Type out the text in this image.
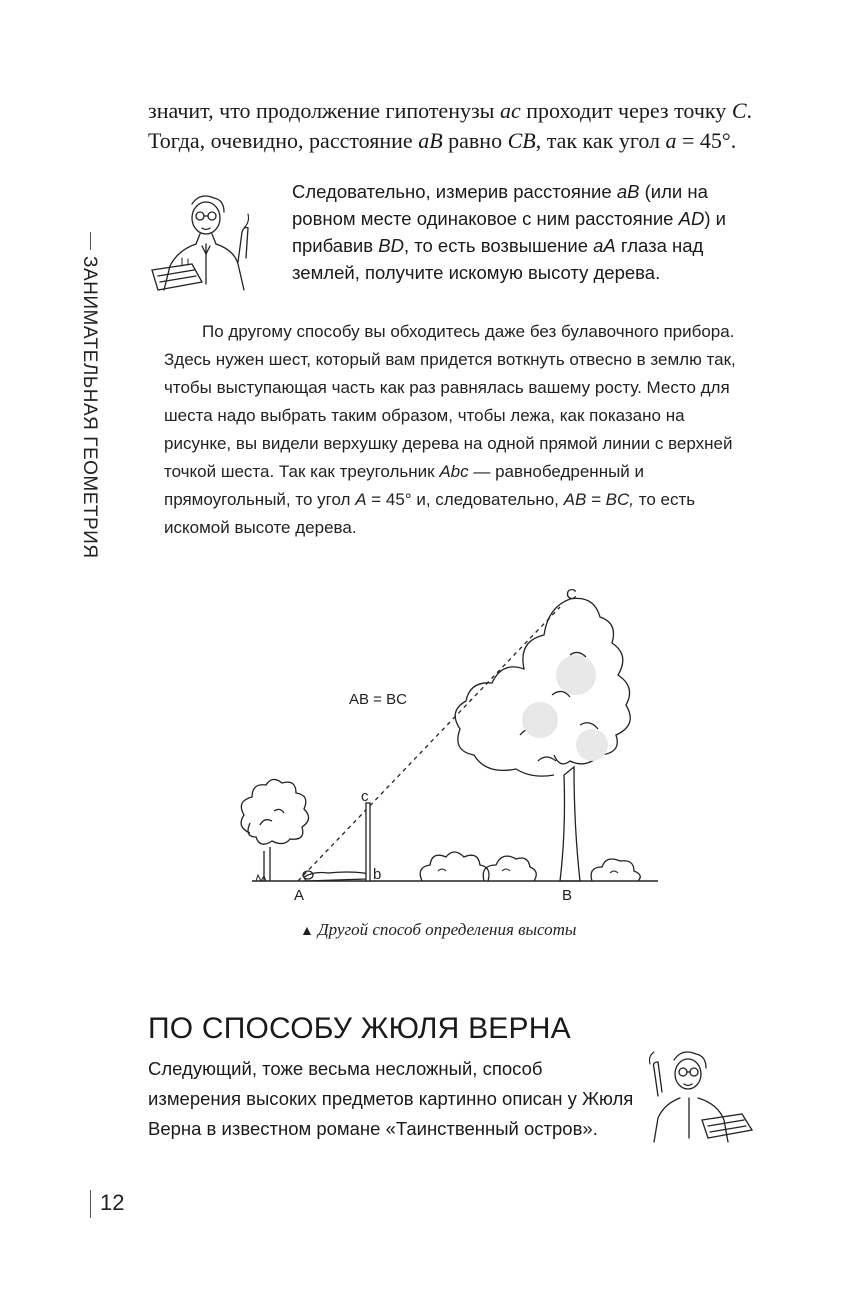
ЗАНИМАТЕЛЬНАЯ ГЕОМЕТРИЯ

значит, что продолжение гипотенузы ac проходит через точку C.

Тогда, очевидно, расстояние aB равно CB, так как угол a = 45°.

Следовательно, измерив расстояние aB (или на ровном месте одинаковое с ним расстояние AD) и прибавив BD, то есть возвышение aA глаза над землей, получите искомую высоту дерева.

По другому способу вы обходитесь даже без булавочного прибора. Здесь нужен шест, который вам придется воткнуть отвесно в землю так, чтобы выступающая часть как раз равнялась вашему росту. Место для шеста надо выбрать таким образом, чтобы лежа, как показано на рисунке, вы видели верхушку дерева на одной прямой линии с верхней точкой шеста. Так как треугольник Abc — равнобедренный и прямоугольный, то угол A = 45° и, следовательно, AB = BC, то есть искомой высоте дерева.

AB = BC
C
c
A	B
b
▲ Другой способ определения высоты
ПО СПОСОБУ ЖЮЛЯ ВЕРНА

Следующий, тоже весьма несложный, способ измерения высоких предметов картинно описан у Жюля Верна в известном романе «Таинственный остров».

12
